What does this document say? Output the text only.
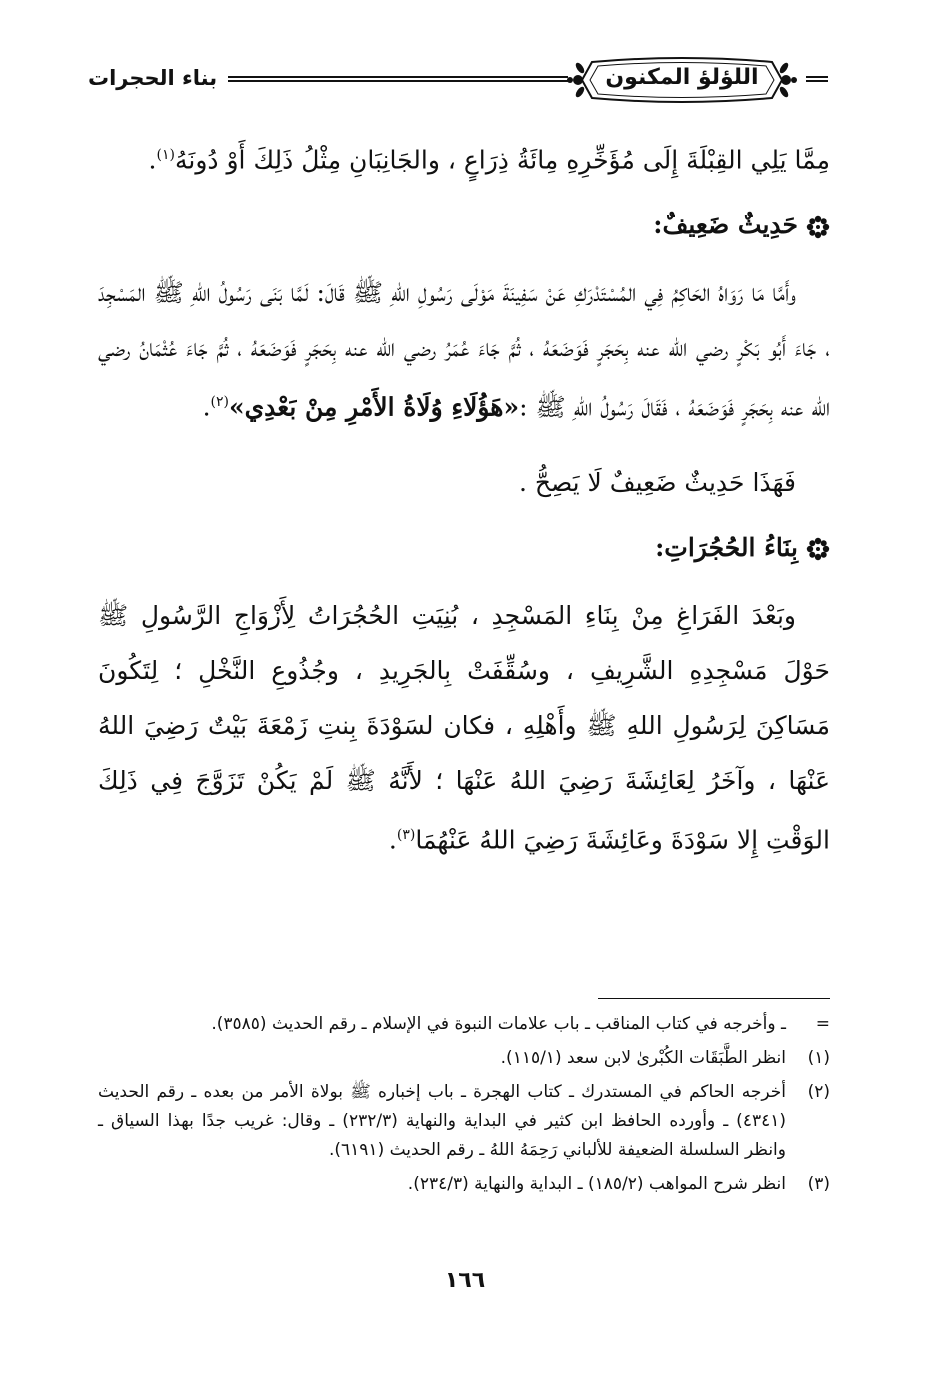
اللؤلؤ المكنون
بناء الحجرات

مِمَّا يَلِي القِبْلَةَ إِلَى مُؤَخِّرِهِ مِائَةُ ذِرَاعٍ ، والجَانِبَانِ مِثْلُ ذَلِكَ أَوْ دُونَهُ$^{(١)}$.

حَدِيثٌ ضَعِيفٌ:

وأَمَّا مَا رَوَاهُ الحَاكِمُ فِي المُسْتَدْرَكِ عَنْ سَفِينَةَ مَوْلَى رَسُولِ اللهِ ﷺ قَالَ: لَمَّا بَنَى رَسُولُ اللهِ ﷺ المَسْجِدَ ، جَاءَ أَبُو بَكْرٍ رضي الله عنه بِحَجَرٍ فَوَضَعَهُ ، ثُمَّ جَاءَ عُمَرُ رضي الله عنه بِحَجَرٍ فَوَضَعَهُ ، ثُمَّ جَاءَ عُثْمَانُ رضي الله عنه بِحَجَرٍ فَوَضَعَهُ ، فَقَالَ رَسُولُ اللهِ ﷺ :«هَؤُلَاءِ وُلَاةُ الأَمْرِ مِنْ بَعْدِي»$^{(٢)}$.

فَهَذَا حَدِيثٌ ضَعِيفٌ لَا يَصِحُّ .

بِنَاءُ الحُجُرَاتِ:

وبَعْدَ الفَرَاغِ مِنْ بِنَاءِ المَسْجِدِ ، بُنِيَتِ الحُجُرَاتُ لِأَزْوَاجِ الرَّسُولِ ﷺ حَوْلَ مَسْجِدِهِ الشَّرِيفِ ، وسُقِّفَتْ بِالجَرِيدِ ، وجُذُوعِ النَّخْلِ ؛ لِتَكُونَ مَسَاكِنَ لِرَسُولِ اللهِ ﷺ وأَهْلِهِ ، فكان لسَوْدَةَ بِنتِ زَمْعَةَ بَيْتٌ رَضِيَ اللهُ عَنْهَا ، وآخَرُ لِعَائِشَةَ رَضِيَ اللهُ عَنْهَا ؛ لأَنَّهُ ﷺ لَمْ يَكُنْ تَزَوَّجَ فِي ذَلِكَ الوَقْتِ إِلا سَوْدَةَ وعَائِشَةَ رَضِيَ اللهُ عَنْهُمَا$^{(٣)}$.

=
ـ وأخرجه في كتاب المناقب ـ باب علامات النبوة في الإسلام ـ رقم الحديث (٣٥٨٥).
(١)
انظر الطَّبَقَات الكُبْرىٰ لابن سعد (١١٥/١).
(٢)
أخرجه الحاكم في المستدرك ـ كتاب الهجرة ـ باب إخباره ﷺ بولاة الأمر من بعده ـ رقم الحديث (٤٣٤١) ـ وأورده الحافظ ابن كثير في البداية والنهاية (٢٣٢/٣) ـ وقال: غريب جدًا بهذا السياق ـ وانظر السلسلة الضعيفة للألباني رَحِمَهُ اللهُ ـ رقم الحديث (٦١٩١).
(٣)
انظر شرح المواهب (١٨٥/٢) ـ البداية والنهاية (٢٣٤/٣).
١٦٦
